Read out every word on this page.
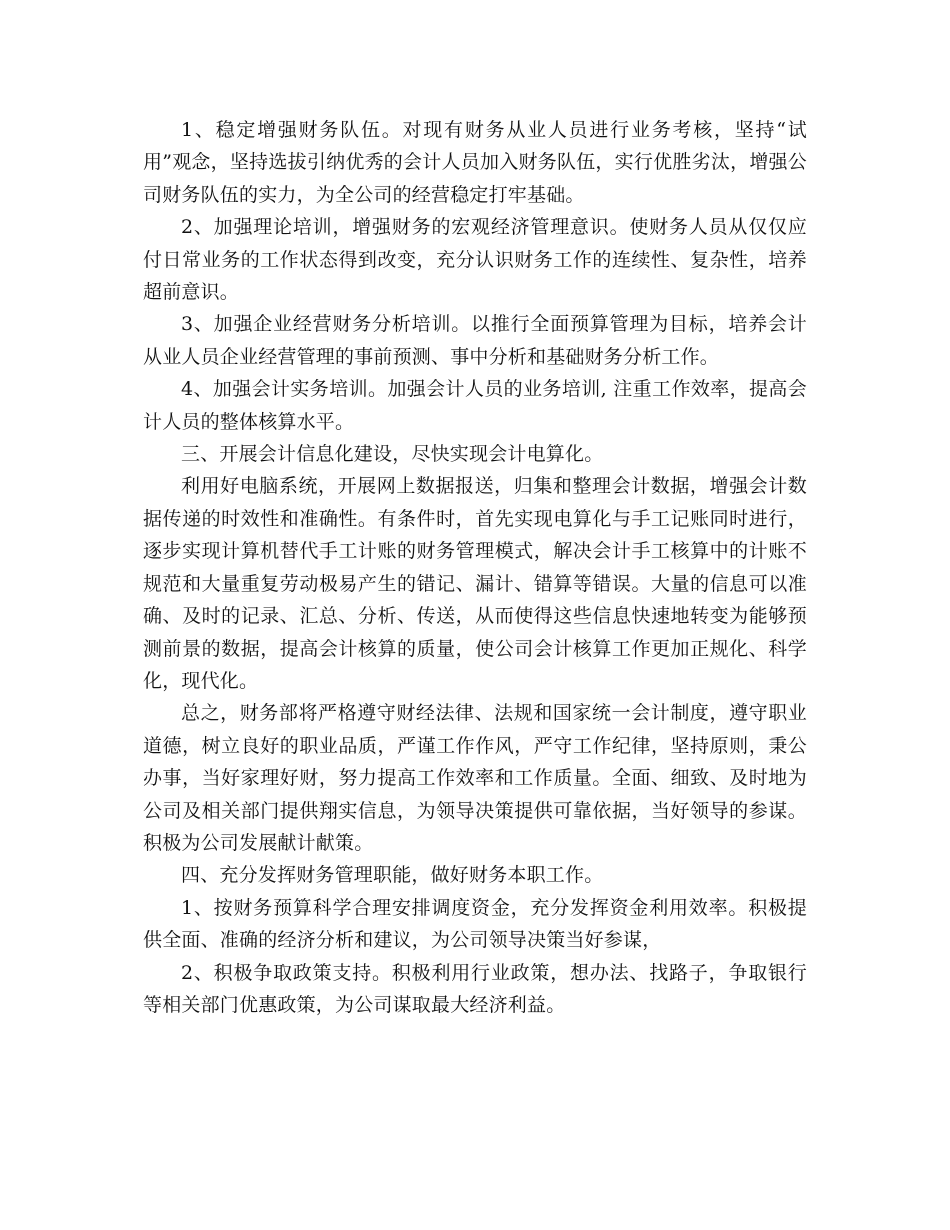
1、稳定增强财务队伍。对现有财务从业人员进行业务考核，坚持“试用”观念，坚持选拔引纳优秀的会计人员加入财务队伍，实行优胜劣汰，增强公司财务队伍的实力，为全公司的经营稳定打牢基础。

2、加强理论培训，增强财务的宏观经济管理意识。使财务人员从仅仅应付日常业务的工作状态得到改变，充分认识财务工作的连续性、复杂性，培养超前意识。

3、加强企业经营财务分析培训。以推行全面预算管理为目标，培养会计从业人员企业经营管理的事前预测、事中分析和基础财务分析工作。

4、加强会计实务培训。加强会计人员的业务培训, 注重工作效率，提高会计人员的整体核算水平。

三、开展会计信息化建设，尽快实现会计电算化。

利用好电脑系统，开展网上数据报送，归集和整理会计数据，增强会计数据传递的时效性和准确性。有条件时，首先实现电算化与手工记账同时进行，逐步实现计算机替代手工计账的财务管理模式，解决会计手工核算中的计账不规范和大量重复劳动极易产生的错记、漏计、错算等错误。大量的信息可以准确、及时的记录、汇总、分析、传送，从而使得这些信息快速地转变为能够预测前景的数据，提高会计核算的质量，使公司会计核算工作更加正规化、科学化，现代化。

总之，财务部将严格遵守财经法律、法规和国家统一会计制度，遵守职业道德，树立良好的职业品质，严谨工作作风，严守工作纪律，坚持原则，秉公办事，当好家理好财，努力提高工作效率和工作质量。全面、细致、及时地为公司及相关部门提供翔实信息，为领导决策提供可靠依据，当好领导的参谋。积极为公司发展献计献策。

四、充分发挥财务管理职能，做好财务本职工作。

1、按财务预算科学合理安排调度资金，充分发挥资金利用效率。积极提供全面、准确的经济分析和建议，为公司领导决策当好参谋，

2、积极争取政策支持。积极利用行业政策，想办法、找路子，争取银行等相关部门优惠政策，为公司谋取最大经济利益。
